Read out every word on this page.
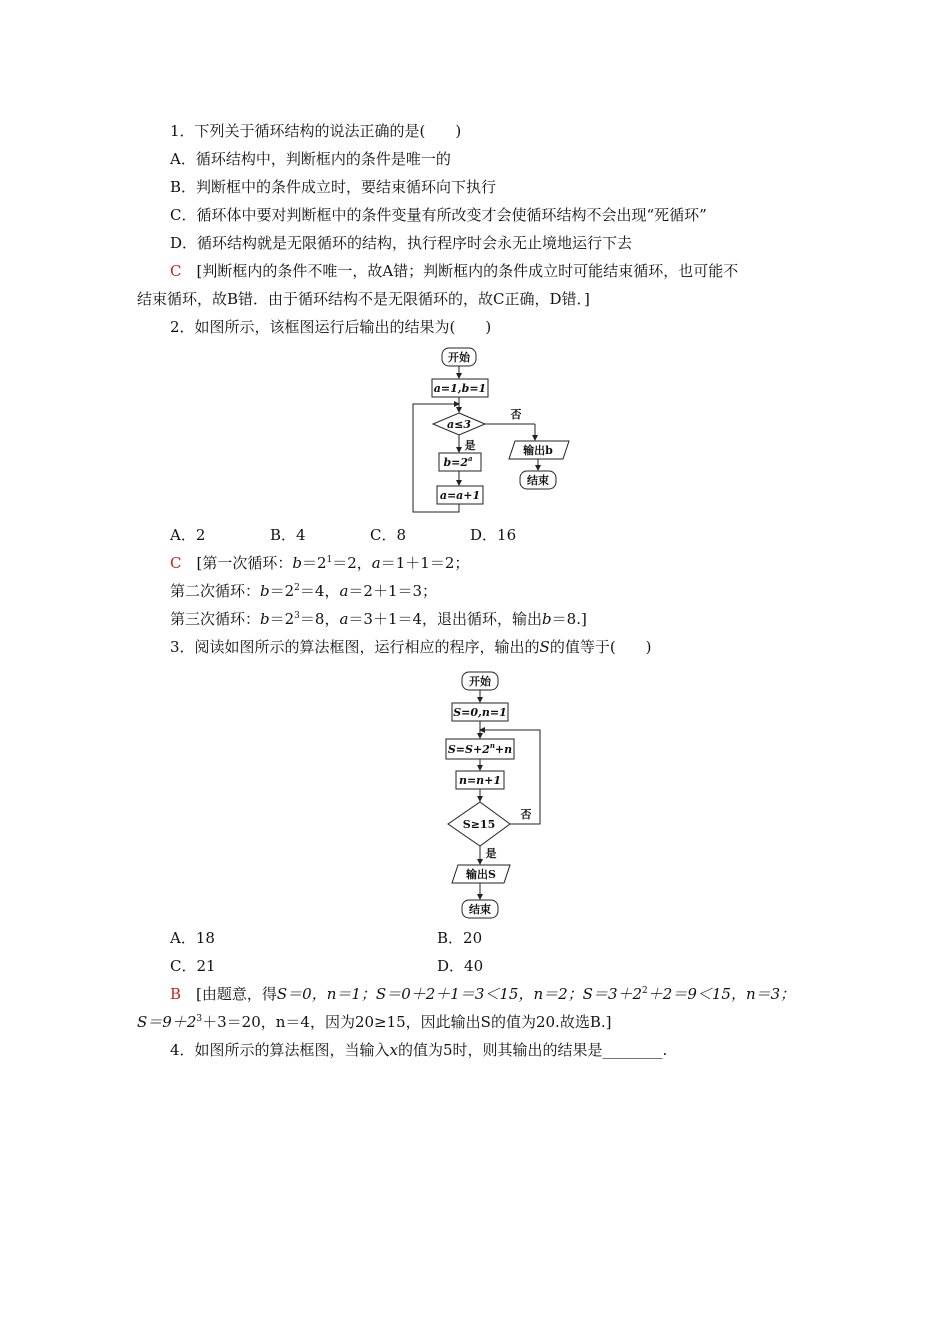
1．下列关于循环结构的说法正确的是(　　)
A．循环结构中，判断框内的条件是唯一的
B．判断框中的条件成立时，要结束循环向下执行
C．循环体中要对判断框中的条件变量有所改变才会使循环结构不会出现“死循环”
D．循环结构就是无限循环的结构，执行程序时会永无止境地运行下去
C　 [判断框内的条件不唯一，故A错；判断框内的条件成立时可能结束循环，也可能不
结束循环，故B错．由于循环结构不是无限循环的，故C正确，D错．]
2．如图所示，该框图运行后输出的结果为(　　)
开始
a=1,b=1
a≤3
输出b
结束
$b=2^a$
a=a+1
否
是
A．2	B．4	C．8	D．16
C　 [第一次循环：$b=2^1=2$，a＝1＋1＝2；
第二次循环：$b=2^2=4$，a＝2＋1＝3；
第三次循环：$b=2^3=8$，a＝3＋1＝4，退出循环，输出b＝8.]
3．阅读如图所示的算法框图，运行相应的程序，输出的S的值等于(　　)
开始
S=0,n=1
$S=S+2^n+n$
n=n+1
S≥15
输出S
结束
否
是
A．18	B．20
C．21	D．40
B　 [由题意，得S＝0，n＝1；S＝0＋2＋1＝3＜15，n＝2；$S=3+2^2+2=9<15$，n＝3；
$S=9+2^3+3=20$，n＝4，因为20≥15，因此输出S的值为20.故选B.]
4．如图所示的算法框图，当输入x的值为5时，则其输出的结果是________.
